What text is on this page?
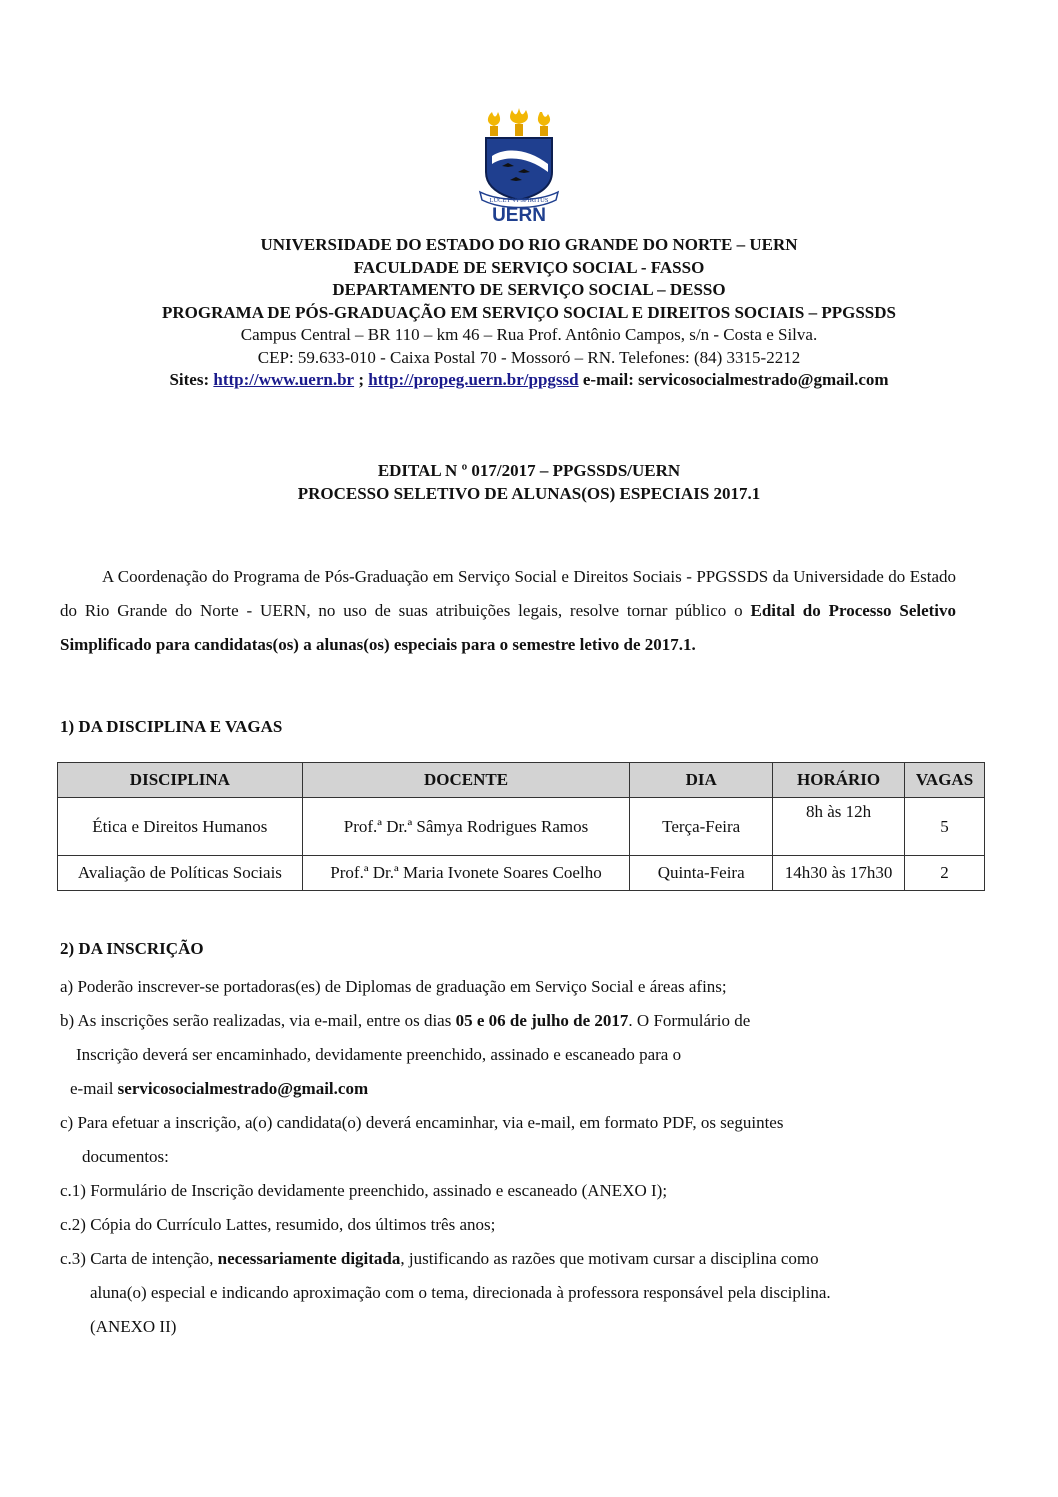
LUCET VI SPIRITUS
UERN
UNIVERSIDADE DO ESTADO DO RIO GRANDE DO NORTE – UERN
FACULDADE DE SERVIÇO SOCIAL - FASSO
DEPARTAMENTO DE SERVIÇO SOCIAL – DESSO
PROGRAMA DE PÓS-GRADUAÇÃO EM SERVIÇO SOCIAL E DIREITOS SOCIAIS – PPGSSDS
Campus Central – BR 110 – km 46 – Rua Prof. Antônio Campos, s/n - Costa e Silva.
CEP: 59.633-010 - Caixa Postal 70 - Mossoró – RN. Telefones: (84) 3315-2212
Sites: http://www.uern.br ; http://propeg.uern.br/ppgssd e-mail: servicosocialmestrado@gmail.com
EDITAL N º 017/2017 – PPGSSDS/UERN
PROCESSO SELETIVO DE ALUNAS(OS) ESPECIAIS 2017.1
A Coordenação do Programa de Pós-Graduação em Serviço Social e Direitos Sociais - PPGSSDS da Universidade do Estado do Rio Grande do Norte - UERN, no uso de suas atribuições legais, resolve tornar público o Edital do Processo Seletivo Simplificado para candidatas(os) a alunas(os) especiais para o semestre letivo de 2017.1.
1) DA DISCIPLINA E VAGAS
DISCIPLINA	DOCENTE	DIA	HORÁRIO	VAGAS
Ética e Direitos Humanos	Prof.ª Dr.ª Sâmya Rodrigues Ramos	Terça-Feira	8h às 12h	5
Avaliação de Políticas Sociais	Prof.ª Dr.ª Maria Ivonete Soares Coelho	Quinta-Feira	14h30 às 17h30	2
2) DA INSCRIÇÃO
a) Poderão inscrever-se portadoras(es) de Diplomas de graduação em Serviço Social e áreas afins;
b) As inscrições serão realizadas, via e-mail, entre os dias 05 e 06 de julho de 2017. O Formulário de
Inscrição deverá ser encaminhado, devidamente preenchido, assinado e escaneado para o
e-mail servicosocialmestrado@gmail.com
c) Para efetuar a inscrição, a(o) candidata(o) deverá encaminhar, via e-mail, em formato PDF, os seguintes
documentos:
c.1) Formulário de Inscrição devidamente preenchido, assinado e escaneado (ANEXO I);
c.2) Cópia do Currículo Lattes, resumido, dos últimos três anos;
c.3) Carta de intenção, necessariamente digitada, justificando as razões que motivam cursar a disciplina como
aluna(o) especial e indicando aproximação com o tema, direcionada à professora responsável pela disciplina.
(ANEXO II)
